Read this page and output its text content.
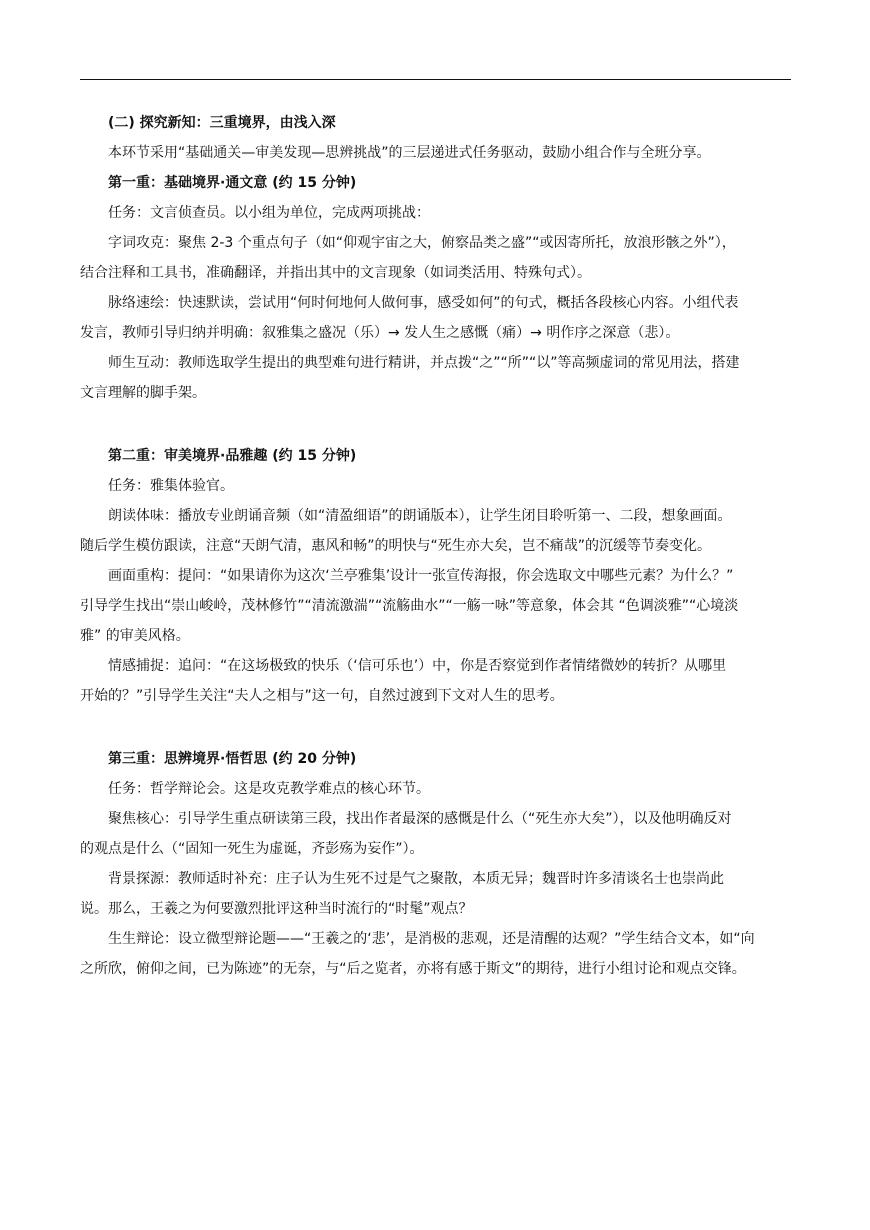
(二) 探究新知：三重境界，由浅入深

本环节采用“基础通关—审美发现—思辨挑战”的三层递进式任务驱动，鼓励小组合作与全班分享。

第一重：基础境界·通文意 (约 15 分钟)

任务：文言侦查员。以小组为单位，完成两项挑战：

字词攻克：聚焦 2-3 个重点句子（如“仰观宇宙之大，俯察品类之盛”“或因寄所托，放浪形骸之外”），

结合注释和工具书，准确翻译，并指出其中的文言现象（如词类活用、特殊句式）。

脉络速绘：快速默读，尝试用“何时何地何人做何事，感受如何”的句式，概括各段核心内容。小组代表

发言，教师引导归纳并明确：叙雅集之盛况（乐）→ 发人生之感慨（痛）→ 明作序之深意（悲）。

师生互动：教师选取学生提出的典型难句进行精讲，并点拨“之”“所”“以”等高频虚词的常见用法，搭建

文言理解的脚手架。

第二重：审美境界·品雅趣 (约 15 分钟)

任务：雅集体验官。

朗读体味：播放专业朗诵音频（如“清盈细语”的朗诵版本），让学生闭目聆听第一、二段，想象画面。

随后学生模仿跟读，注意“天朗气清，惠风和畅”的明快与“死生亦大矣，岂不痛哉”的沉缓等节奏变化。

画面重构：提问：“如果请你为这次‘兰亭雅集’设计一张宣传海报，你会选取文中哪些元素？为什么？”

引导学生找出“崇山峻岭，茂林修竹”“清流激湍”“流觞曲水”“一觞一咏”等意象，体会其 “色调淡雅”“心境淡

雅” 的审美风格。

情感捕捉：追问：“在这场极致的快乐（‘信可乐也’）中，你是否察觉到作者情绪微妙的转折？从哪里

开始的？”引导学生关注“夫人之相与”这一句，自然过渡到下文对人生的思考。

第三重：思辨境界·悟哲思 (约 20 分钟)

任务：哲学辩论会。这是攻克教学难点的核心环节。

聚焦核心：引导学生重点研读第三段，找出作者最深的感慨是什么（“死生亦大矣”），以及他明确反对

的观点是什么（“固知一死生为虚诞，齐彭殇为妄作”）。

背景探源：教师适时补充：庄子认为生死不过是气之聚散，本质无异；魏晋时许多清谈名士也崇尚此

说。那么，王羲之为何要激烈批评这种当时流行的“时髦”观点？

生生辩论：设立微型辩论题——“王羲之的‘悲’，是消极的悲观，还是清醒的达观？”学生结合文本，如“向

之所欣，俯仰之间，已为陈迹”的无奈，与“后之览者，亦将有感于斯文”的期待，进行小组讨论和观点交锋。
